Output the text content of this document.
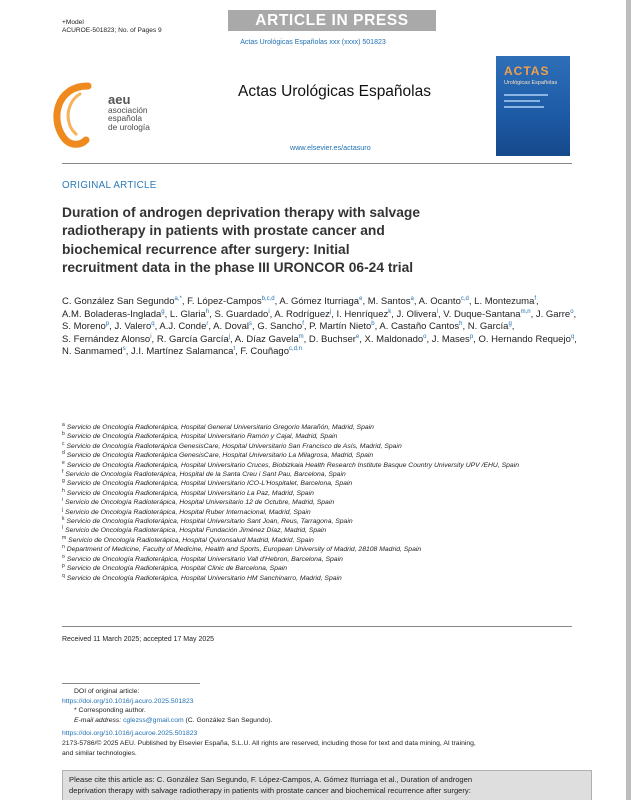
+Model
ACUROE-501823; No. of Pages 9
ARTICLE IN PRESS
Actas Urológicas Españolas xxx (xxxx) 501823
aeu
asociación
española
de urología
Actas Urológicas Españolas
www.elsevier.es/actasuro
ACTAS
Urológicas Españolas
ORIGINAL ARTICLE
Duration of androgen deprivation therapy with salvage
radiotherapy in patients with prostate cancer and
biochemical recurrence after surgery: Initial
recruitment data in the phase III URONCOR 06-24 trial
C. González San Segundo$^{a,*}$, F. López-Campos$^{b,c,d}$, A. Gómez Iturriaga$^e$, M. Santos$^a$, A. Ocanto$^{c,d}$, L. Montezuma$^f$, A.M. Boladeras-Inglada$^g$, L. Glaria$^h$, S. Guardado$^i$, A. Rodríguez$^j$, I. Henríquez$^k$, J. Olivera$^l$, V. Duque-Santana$^{m,n}$, J. Garre$^o$, S. Moreno$^p$, J. Valero$^q$, A.J. Conde$^r$, A. Doval$^s$, G. Sancho$^f$, P. Martín Nieto$^b$, A. Castaño Cantos$^h$, N. García$^g$, S. Fernández Alonso$^i$, R. García García$^j$, A. Díaz Gavela$^m$, D. Buchser$^e$, X. Maldonado$^o$, J. Mases$^p$, O. Hernando Requejo$^q$, N. Sanmamed$^s$, J.I. Martínez Salamanca$^t$, F. Couñago$^{c,d,n}$
$^a$ Servicio de Oncología Radioterápica, Hospital General Universitario Gregorio Marañón, Madrid, Spain
$^b$ Servicio de Oncología Radioterápica, Hospital Universitario Ramón y Cajal, Madrid, Spain
$^c$ Servicio de Oncología Radioterápica GenesisCare, Hospital Universitario San Francisco de Asís, Madrid, Spain
$^d$ Servicio de Oncología Radioterápica GenesisCare, Hospital Universitario La Milagrosa, Madrid, Spain
$^e$ Servicio de Oncología Radioterápica, Hospital Universitario Cruces, Biobizkaia Health Research Institute Basque Country University UPV /EHU, Spain
$^f$ Servicio de Oncología Radioterápica, Hospital de la Santa Creu i Sant Pau, Barcelona, Spain
$^g$ Servicio de Oncología Radioterápica, Hospital Universitario ICO-L'Hospitalet, Barcelona, Spain
$^h$ Servicio de Oncología Radioterápica, Hospital Universitario La Paz, Madrid, Spain
$^i$ Servicio de Oncología Radioterápica, Hospital Universitario 12 de Octubre, Madrid, Spain
$^j$ Servicio de Oncología Radioterápica, Hospital Ruber Internacional, Madrid, Spain
$^k$ Servicio de Oncología Radioterápica, Hospital Universitario Sant Joan, Reus, Tarragona, Spain
$^l$ Servicio de Oncología Radioterápica, Hospital Fundación Jiménez Díaz, Madrid, Spain
$^m$ Servicio de Oncología Radioterápica, Hospital Quironsalud Madrid, Madrid, Spain
$^n$ Department of Medicine, Faculty of Medicine, Health and Sports, European University of Madrid, 28108 Madrid, Spain
$^o$ Servicio de Oncología Radioterápica, Hospital Universitario Vall d'Hebron, Barcelona, Spain
$^p$ Servicio de Oncología Radioterápica, Hospital Clinic de Barcelona, Spain
$^q$ Servicio de Oncología Radioterápica, Hospital Universitario HM Sanchinarro, Madrid, Spain
Received 11 March 2025; accepted 17 May 2025
DOI of original article:
https://doi.org/10.1016/j.acuro.2025.501823
* Corresponding author.
E-mail address: cglezss@gmail.com (C. González San Segundo).
https://doi.org/10.1016/j.acuroe.2025.501823
2173-5786/© 2025 AEU. Published by Elsevier España, S.L.U. All rights are reserved, including those for text and data mining, AI training,
and similar technologies.
Please cite this article as: C. González San Segundo, F. López-Campos, A. Gómez Iturriaga et al., Duration of androgen
deprivation therapy with salvage radiotherapy in patients with prostate cancer and biochemical recurrence after surgery:
